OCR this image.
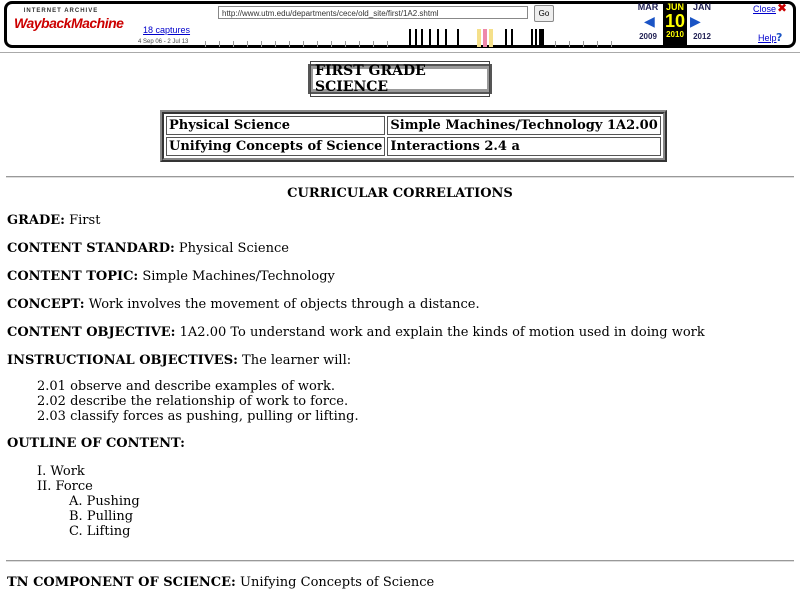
INTERNET ARCHIVE
WaybackMachine
http://www.utm.edu/departments/cece/old_site/first/1A2.shtml	Go
18 captures
4 Sep 06 - 2 Jul 13
MAR
2009
◀
JUN
10
2010
▶
JAN
2012
Close ✖
Help ?
FIRST GRADE SCIENCE
Physical Science	Simple Machines/Technology 1A2.00
Unifying Concepts of Science	Interactions 2.4 a
CURRICULAR CORRELATIONS

GRADE: First

CONTENT STANDARD: Physical Science

CONTENT TOPIC: Simple Machines/Technology

CONCEPT: Work involves the movement of objects through a distance.

CONTENT OBJECTIVE: 1A2.00 To understand work and explain the kinds of motion used in doing work

INSTRUCTIONAL OBJECTIVES: The learner will:

2.01 observe and describe examples of work.
2.02 describe the relationship of work to force.
2.03 classify forces as pushing, pulling or lifting.

OUTLINE OF CONTENT:

I. Work
II. Force
A. Pushing
B. Pulling
C. Lifting

TN COMPONENT OF SCIENCE: Unifying Concepts of Science
